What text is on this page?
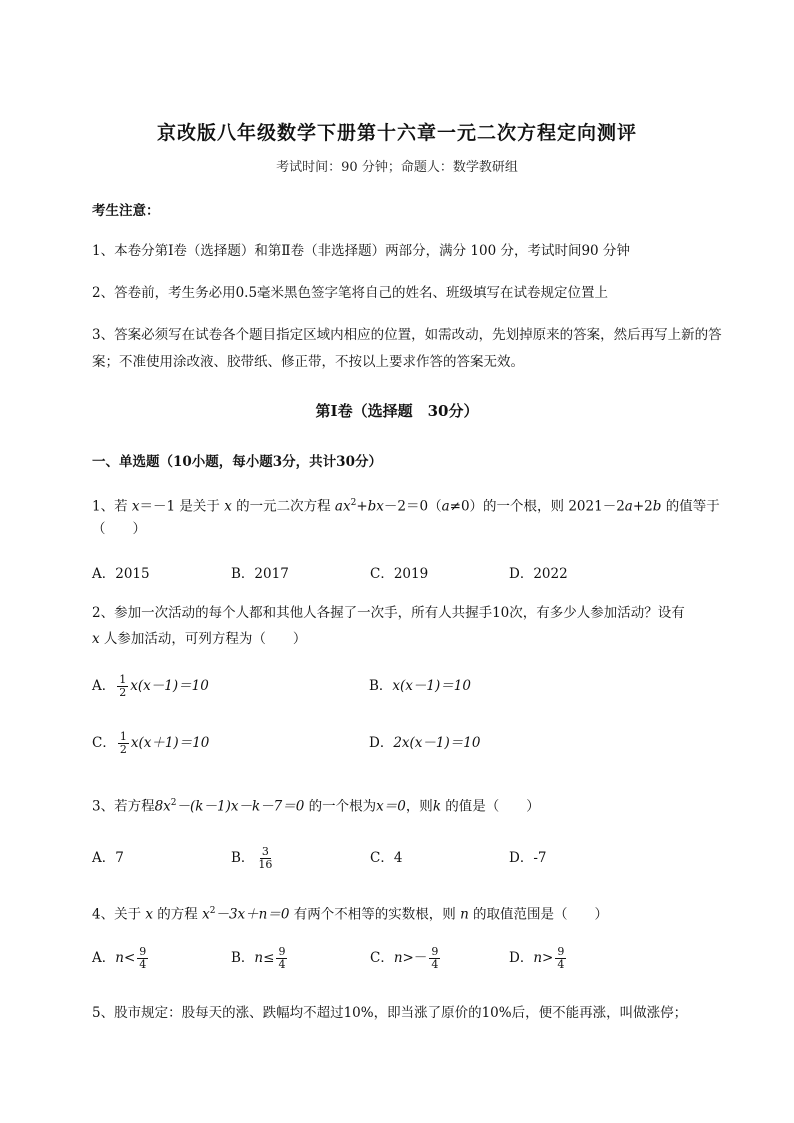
京改版八年级数学下册第十六章一元二次方程定向测评
考试时间：90 分钟；命题人：数学教研组
考生注意：
1、本卷分第Ⅰ卷（选择题）和第Ⅱ卷（非选择题）两部分，满分 100 分，考试时间90 分钟
2、答卷前，考生务必用0.5毫米黑色签字笔将自己的姓名、班级填写在试卷规定位置上
3、答案必须写在试卷各个题目指定区域内相应的位置，如需改动，先划掉原来的答案，然后再写上新的答案；不准使用涂改液、胶带纸、修正带，不按以上要求作答的答案无效。
第Ⅰ卷（选择题　30分）
一、单选题（10小题，每小题3分，共计30分）
1、若 x＝－1 是关于 x 的一元二次方程 $ax^2+bx-2=0(a\ne 0)$的一个根，则 2021－2a+2b 的值等于
（　　）
A．2015	B．2017	C．2019	D．2022
2、参加一次活动的每个人都和其他人各握了一次手，所有人共握手10次，有多少人参加活动？设有
x 人参加活动，可列方程为（　　）
A． $\frac{1}{2} x(x-1)=10$	B．x(x－1)＝10
C． $\frac{1}{2} x(x+1)=10$	D．2x(x－1)＝10
3、若方程$8x^2-(k-1)x-k-7=0$ 的一个根为x＝0，则k 的值是（　　）
A．7	B． $\frac{3}{16}$	C．4	D．-7
4、关于 x 的方程 $x^2-3x+n=0$ 有两个不相等的实数根，则 n 的取值范围是（　　）
A．$n< \frac{9}{4}$	B．$n\le \frac{9}{4}$	C．$n>- \frac{9}{4}$	D．$n> \frac{9}{4}$
5、股市规定：股每天的涨、跌幅均不超过10%，即当涨了原价的10%后，便不能再涨，叫做涨停；
